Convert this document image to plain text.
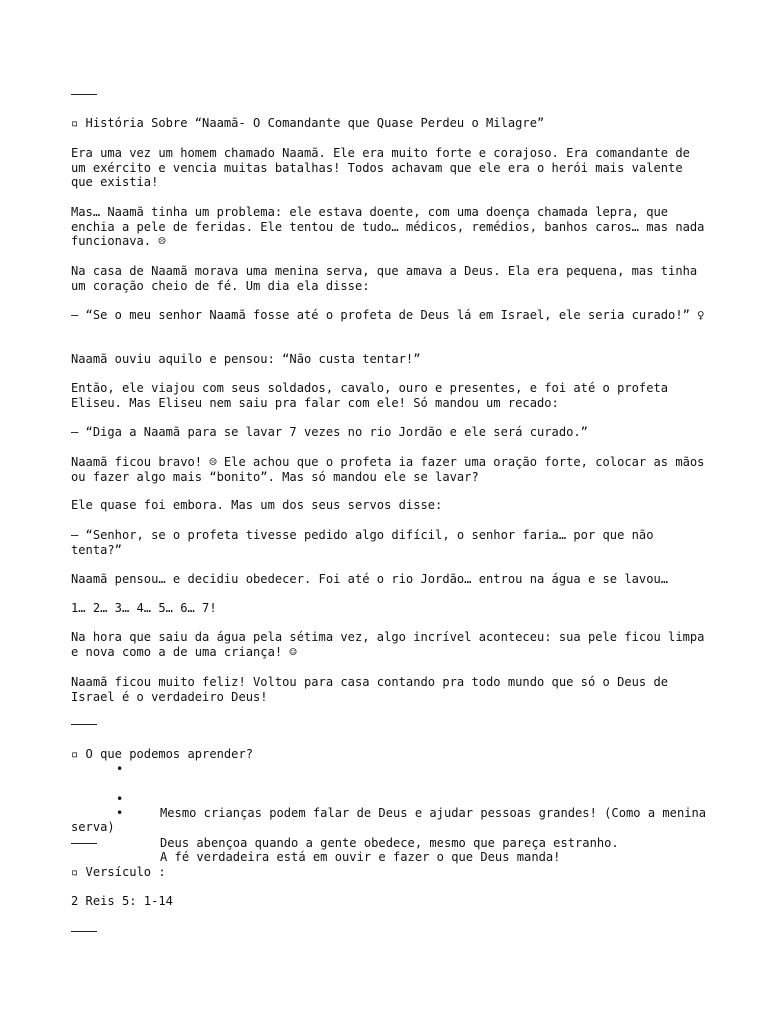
▫ História Sobre “Naamã- O Comandante que Quase Perdeu o Milagre”
Era uma vez um homem chamado Naamã. Ele era muito forte e corajoso. Era comandante de um exército e vencia muitas batalhas! Todos achavam que ele era o herói mais valente que existia!
Mas… Naamã tinha um problema: ele estava doente, com uma doença chamada lepra, que enchia a pele de feridas. Ele tentou de tudo… médicos, remédios, banhos caros… mas nada funcionava. ☹
Na casa de Naamã morava uma menina serva, que amava a Deus. Ela era pequena, mas tinha um coração cheio de fé. Um dia ela disse:
— “Se o meu senhor Naamã fosse até o profeta de Deus lá em Israel, ele seria curado!” ♀
Naamã ouviu aquilo e pensou: “Não custa tentar!”
Então, ele viajou com seus soldados, cavalo, ouro e presentes, e foi até o profeta Eliseu. Mas Eliseu nem saiu pra falar com ele! Só mandou um recado:
— “Diga a Naamã para se lavar 7 vezes no rio Jordão e ele será curado.”
Naamã ficou bravo! ☹ Ele achou que o profeta ia fazer uma oração forte, colocar as mãos ou fazer algo mais “bonito”. Mas só mandou ele se lavar?
Ele quase foi embora. Mas um dos seus servos disse:
— “Senhor, se o profeta tivesse pedido algo difícil, o senhor faria… por que não tenta?”
Naamã pensou… e decidiu obedecer. Foi até o rio Jordão… entrou na água e se lavou…
1… 2… 3… 4… 5… 6… 7!
Na hora que saiu da água pela sétima vez, algo incrível aconteceu: sua pele ficou limpa e nova como a de uma criança! ☺
Naamã ficou muito feliz! Voltou para casa contando pra todo mundo que só o Deus de Israel é o verdadeiro Deus!
▫ O que podemos aprender?

•

Mesmo crianças podem falar de Deus e ajudar pessoas grandes! (Como a menina serva)

•

Deus abençoa quando a gente obedece, mesmo que pareça estranho.

•

A fé verdadeira está em ouvir e fazer o que Deus manda!

▫ Versículo :
2 Reis 5: 1-14
